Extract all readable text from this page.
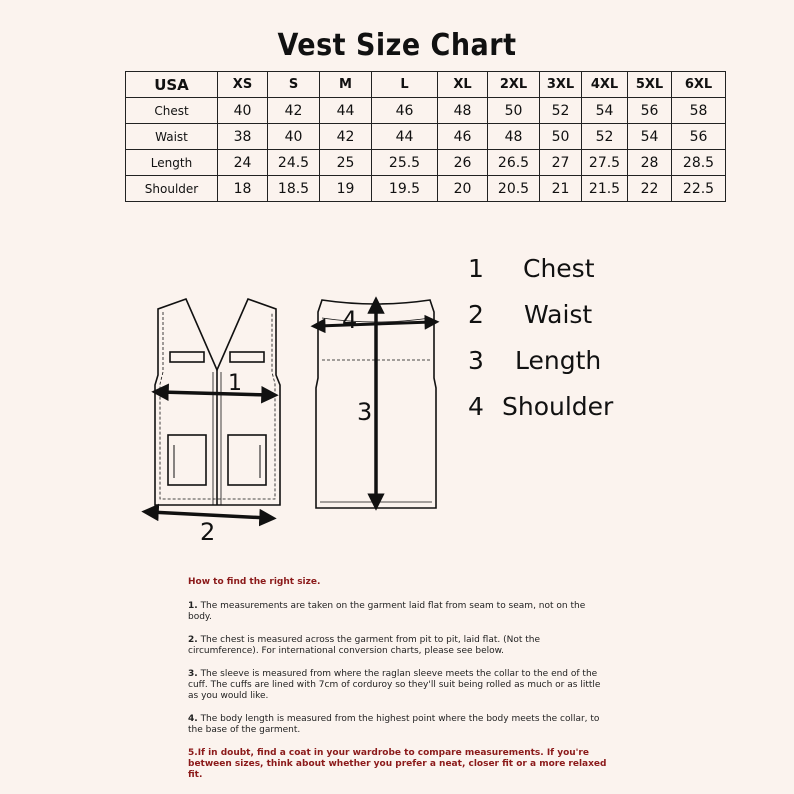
Vest Size Chart
USA	XS	S	M	L	XL	2XL	3XL	4XL	5XL	6XL
Chest	40	42	44	46	48	50	52	54	56	58
Waist	38	40	42	44	46	48	50	52	54	56
Length	24	24.5	25	25.5	26	26.5	27	27.5	28	28.5
Shoulder	18	18.5	19	19.5	20	20.5	21	21.5	22	22.5
1
2
3
4
1 Chest
2 Waist
3 Length
4 Shoulder
How to find the right size.

1. The measurements are taken on the garment laid flat from seam to seam, not on the body.

2. The chest is measured across the garment from pit to pit, laid flat. (Not the circumference). For international conversion charts, please see below.

3. The sleeve is measured from where the raglan sleeve meets the collar to the end of the cuff. The cuffs are lined with 7cm of corduroy so they'll suit being rolled as much or as little as you would like.

4. The body length is measured from the highest point where the body meets the collar, to the base of the garment.

5.If in doubt, find a coat in your wardrobe to compare measurements. If you're between sizes, think about whether you prefer a neat, closer fit or a more relaxed fit.
